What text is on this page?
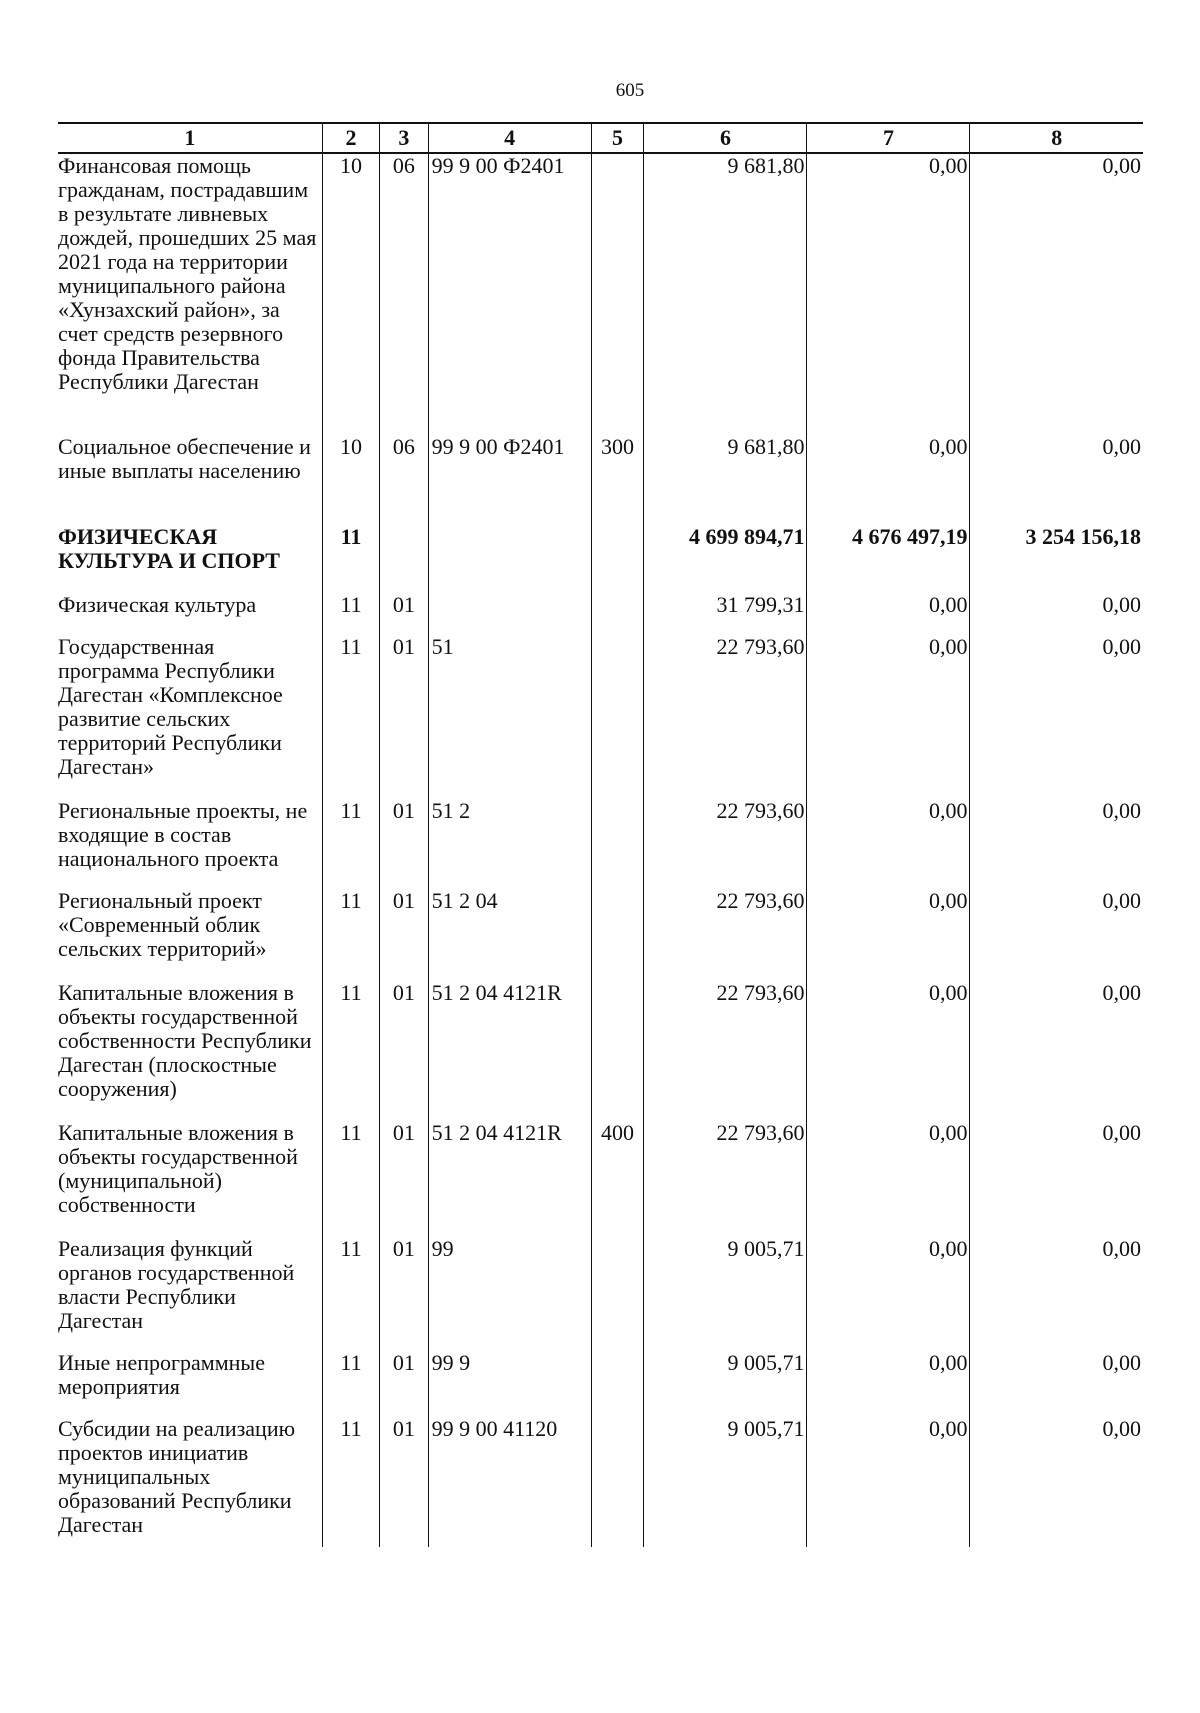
605
1	2	3	4	5	6	7	8

Финансовая помощь гражданам, пострадавшим в результате ливневых дождей, прошедших 25 мая 2021 года на территории муниципального района «Хунзахский район», за счет средств резервного фонда Правительства Республики Дагестан	10	06	99 9 00 Ф2401		9 681,80	0,00	0,00

Социальное обеспечение и иные выплаты населению	10	06	99 9 00 Ф2401	300	9 681,80	0,00	0,00

ФИЗИЧЕСКАЯ КУЛЬТУРА И СПОРТ	11				4 699 894,71	4 676 497,19	3 254 156,18

Физическая культура	11	01			31 799,31	0,00	0,00

Государственная программа Республики Дагестан «Комплексное развитие сельских территорий Республики Дагестан»	11	01	51		22 793,60	0,00	0,00

Региональные проекты, не входящие в состав национального проекта	11	01	51 2		22 793,60	0,00	0,00

Региональный проект «Современный облик сельских территорий»	11	01	51 2 04		22 793,60	0,00	0,00

Капитальные вложения в объекты государственной собственности Республики Дагестан (плоскостные сооружения)	11	01	51 2 04 4121R		22 793,60	0,00	0,00

Капитальные вложения в объекты государственной (муниципальной) собственности	11	01	51 2 04 4121R	400	22 793,60	0,00	0,00

Реализация функций органов государственной власти Республики Дагестан	11	01	99		9 005,71	0,00	0,00

Иные непрограммные мероприятия	11	01	99 9		9 005,71	0,00	0,00

Субсидии на реализацию проектов инициатив муниципальных образований Республики Дагестан	11	01	99 9 00 41120		9 005,71	0,00	0,00
